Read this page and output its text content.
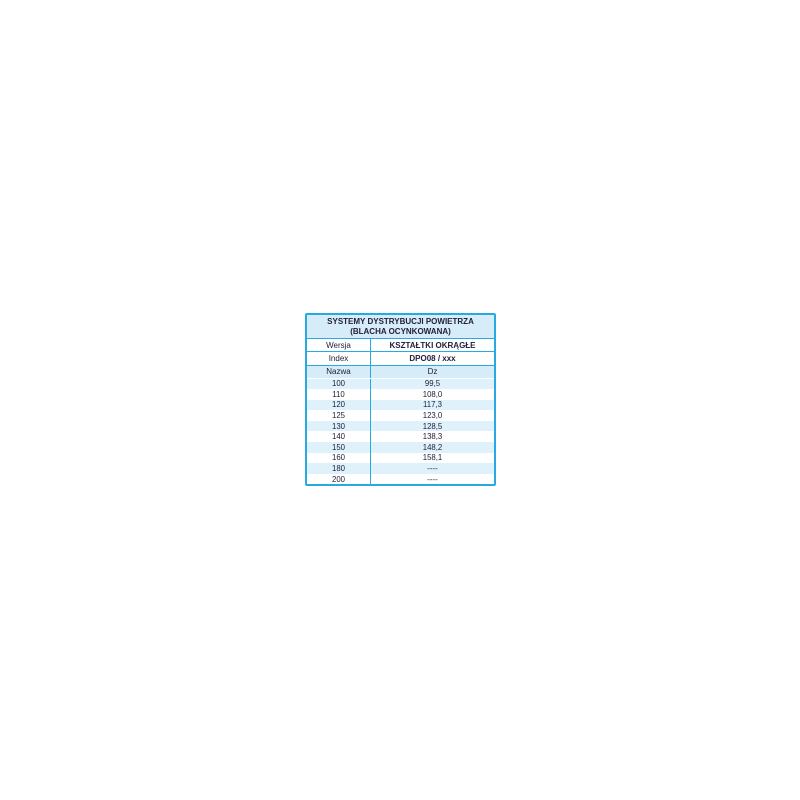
SYSTEMY DYSTRYBUCJI POWIETRZA
(BLACHA OCYNKOWANA)
Wersja	KSZTAŁTKI OKRĄGŁE
Index	DPO08 / xxx
Nazwa	Dz
100	99,5
110	108,0
120	117,3
125	123,0
130	128,5
140	138,3
150	148,2
160	158,1
180	----
200	----
